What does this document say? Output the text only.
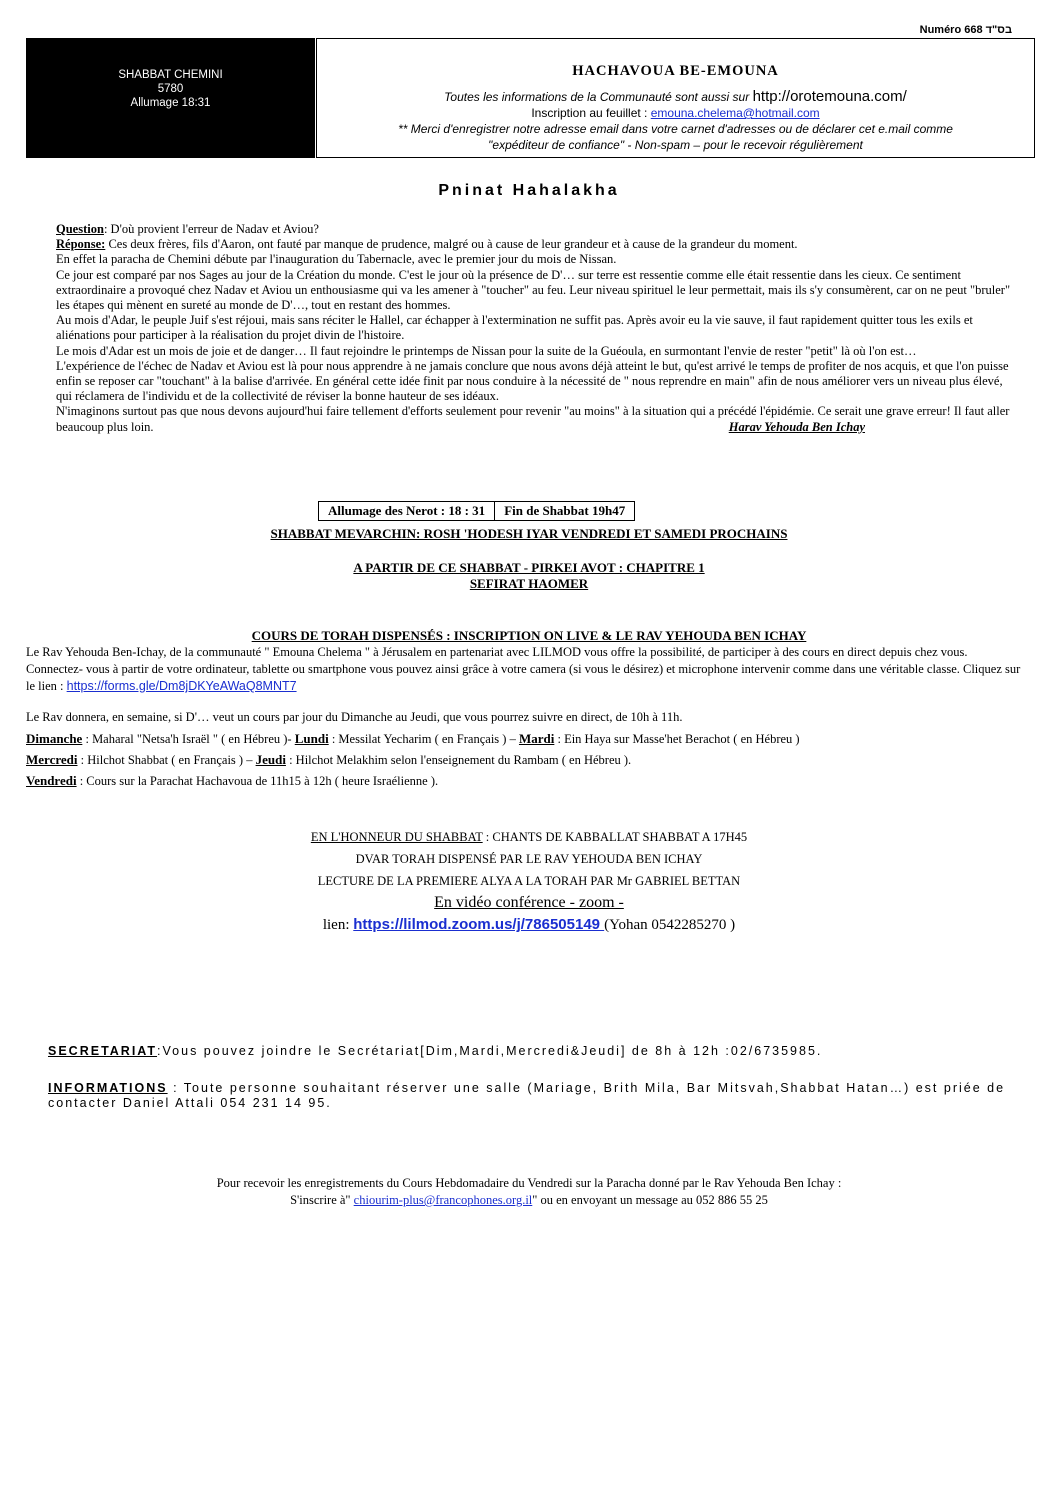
Numéro 668 בס"ד
SHABBAT CHEMINI
5780
Allumage 18:31
HACHAVOUA BE-EMOUNA
Toutes les informations de la Communauté sont aussi sur http://orotemouna.com/
Inscription au feuillet : emouna.chelema@hotmail.com
** Merci d'enregistrer notre adresse email dans votre carnet d'adresses ou de déclarer cet e.mail comme
"expéditeur de confiance" - Non-spam – pour le recevoir régulièrement
Pninat Hahalakha

Question: D'où provient l'erreur de Nadav et Aviou?

Réponse: Ces deux frères, fils d'Aaron, ont fauté par manque de prudence, malgré ou à cause de leur grandeur et à cause de la grandeur du moment.

En effet la paracha de Chemini débute par l'inauguration du Tabernacle, avec le premier jour du mois de Nissan.

Ce jour est comparé par nos Sages au jour de la Création du monde. C'est le jour où la présence de D'… sur terre est ressentie comme elle était ressentie dans les cieux. Ce sentiment extraordinaire a provoqué chez Nadav et Aviou un enthousiasme qui va les amener à "toucher" au feu. Leur niveau spirituel le leur permettait, mais ils s'y consumèrent, car on ne peut "bruler" les étapes qui mènent en sureté au monde de D'…, tout en restant des hommes.

Au mois d'Adar, le peuple Juif s'est réjoui, mais sans réciter le Hallel, car échapper à l'extermination ne suffit pas. Après avoir eu la vie sauve, il faut rapidement quitter tous les exils et aliénations pour participer à la réalisation du projet divin de l'histoire.

Le mois d'Adar est un mois de joie et de danger… Il faut rejoindre le printemps de Nissan pour la suite de la Guéoula, en surmontant l'envie de rester "petit" là où l'on est…

L'expérience de l'échec de Nadav et Aviou est là pour nous apprendre à ne jamais conclure que nous avons déjà atteint le but, qu'est arrivé le temps de profiter de nos acquis, et que l'on puisse enfin se reposer car "touchant" à la balise d'arrivée. En général cette idée finit par nous conduire à la nécessité de " nous reprendre en main" afin de nous améliorer vers un niveau plus élevé, qui réclamera de l'individu et de la collectivité de réviser la bonne hauteur de ses idéaux.

N'imaginons surtout pas que nous devons aujourd'hui faire tellement d'efforts seulement pour revenir "au moins" à la situation qui a précédé l'épidémie. Ce serait une grave erreur! Il faut aller beaucoup plus loin.	Harav Yehouda Ben Ichay

Allumage des Nerot : 18 : 31	Fin de Shabbat 19h47
SHABBAT MEVARCHIN: ROSH 'HODESH IYAR VENDREDI ET SAMEDI PROCHAINS
A PARTIR DE CE SHABBAT - PIRKEI AVOT : CHAPITRE 1
SEFIRAT HAOMER
COURS DE TORAH DISPENSÉS : INSCRIPTION ON LIVE & LE RAV YEHOUDA BEN ICHAY

Le Rav Yehouda Ben-Ichay, de la communauté " Emouna Chelema " à Jérusalem en partenariat avec LILMOD vous offre la possibilité, de participer à des cours en direct depuis chez vous. Connectez- vous à partir de votre ordinateur, tablette ou smartphone vous pouvez ainsi grâce à votre camera (si vous le désirez) et microphone intervenir comme dans une véritable classe. Cliquez sur le lien : https://forms.gle/Dm8jDKYeAWaQ8MNT7

Le Rav donnera, en semaine, si D'… veut un cours par jour du Dimanche au Jeudi, que vous pourrez suivre en direct, de 10h à 11h.

Dimanche : Maharal "Netsa'h Israël " ( en Hébreu )- Lundi : Messilat Yecharim ( en Français ) – Mardi : Ein Haya sur Masse'het Berachot ( en Hébreu )

Mercredi : Hilchot Shabbat ( en Français ) – Jeudi : Hilchot Melakhim selon l'enseignement du Rambam ( en Hébreu ).

Vendredi : Cours sur la Parachat Hachavoua de 11h15 à 12h ( heure Israélienne ).

EN L'HONNEUR DU SHABBAT : CHANTS DE KABBALLAT SHABBAT A 17H45
DVAR TORAH DISPENSÉ PAR LE RAV YEHOUDA BEN ICHAY
LECTURE DE LA PREMIERE ALYA A LA TORAH PAR Mr GABRIEL BETTAN
En vidéo conférence - zoom -
lien: https://lilmod.zoom.us/j/786505149 (Yohan 0542285270 )

SECRETARIAT:Vous pouvez joindre le Secrétariat[Dim,Mardi,Mercredi&Jeudi] de 8h à 12h :02/6735985.

INFORMATIONS : Toute personne souhaitant réserver une salle (Mariage, Brith Mila, Bar Mitsvah,Shabbat Hatan…) est priée de contacter Daniel Attali 054 231 14 95.

Pour recevoir les enregistrements du Cours Hebdomadaire du Vendredi sur la Paracha donné par le Rav Yehouda Ben Ichay :
S'inscrire à" chiourim-plus@francophones.org.il" ou en envoyant un message au 052 886 55 25
